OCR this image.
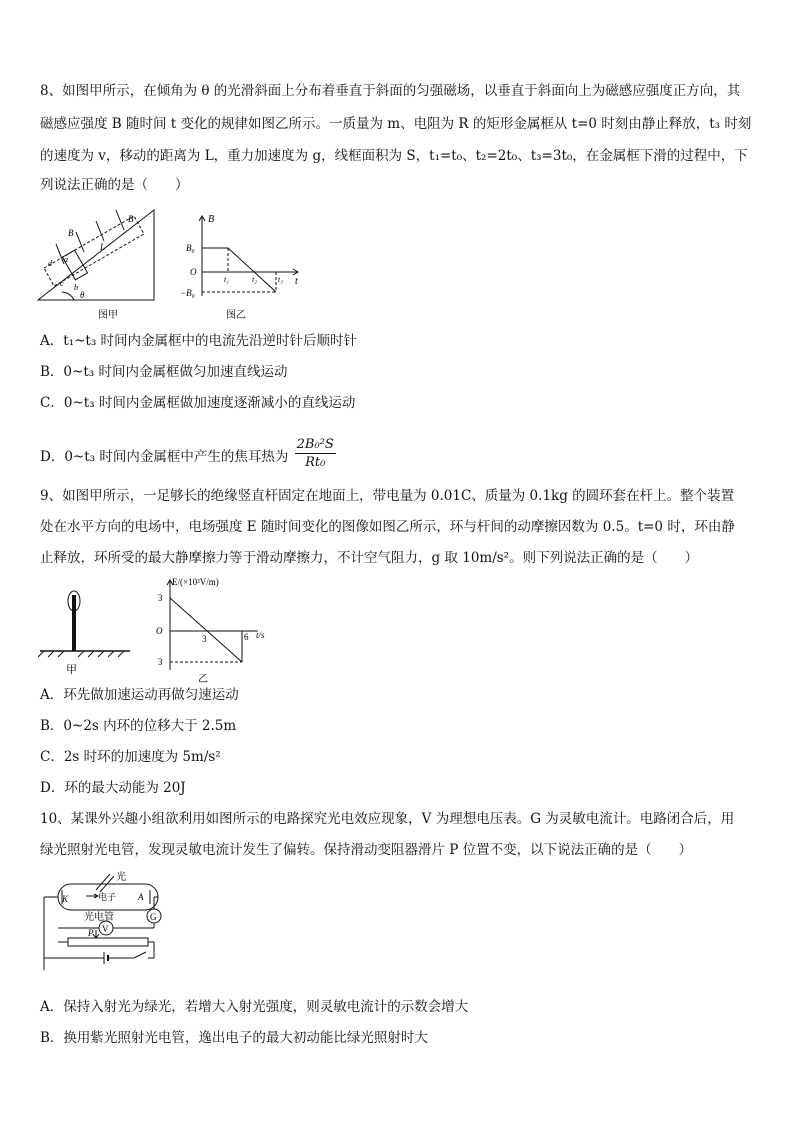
8、如图甲所示，在倾角为 θ 的光滑斜面上分布着垂直于斜面的匀强磁场，以垂直于斜面向上为磁感应强度正方向，其
磁感应强度 B 随时间 t 变化的规律如图乙所示。一质量为 m、电阻为 R 的矩形金属框从 t=0 时刻由静止释放，t₃ 时刻
的速度为 v，移动的距离为 L，重力加速度为 g，线框面积为 S，t₁=t₀、t₂=2t₀、t₃=3t₀，在金属框下滑的过程中，下
列说法正确的是（　　）
B
B
d a
L
c b
θ
图甲
B
B₀
O
t₁	t₂	t₃ t
−B₀
图乙
A．t₁~t₃ 时间内金属框中的电流先沿逆时针后顺时针
B．0~t₃ 时间内金属框做匀加速直线运动
C．0~t₃ 时间内金属框做加速度逐渐减小的直线运动
D．0~t₃ 时间内金属框中产生的焦耳热为 $\frac{\text{2B₀²S}}{\text{Rt₀}}$
9、如图甲所示，一足够长的绝缘竖直杆固定在地面上，带电量为 0.01C、质量为 0.1kg 的圆环套在杆上。整个装置
处在水平方向的电场中，电场强度 E 随时间变化的图像如图乙所示，环与杆间的动摩擦因数为 0.5。t=0 时，环由静
止释放，环所受的最大静摩擦力等于滑动摩擦力，不计空气阻力，g 取 10m/s²。则下列说法正确的是（　　）
甲
E/(×10²V/m)
3
O
3	6 t/s
3
乙
A．环先做加速运动再做匀速运动
B．0~2s 内环的位移大于 2.5m
C．2s 时环的加速度为 5m/s²
D．环的最大动能为 20J
10、某课外兴趣小组欲利用如图所示的电路探究光电效应现象，V 为理想电压表。G 为灵敏电流计。电路闭合后，用
绿光照射光电管，发现灵敏电流计发生了偏转。保持滑动变阻器滑片 P 位置不变，以下说法正确的是（　　）
光
K	电子 A
光电管	G
V
P
A．保持入射光为绿光，若增大入射光强度，则灵敏电流计的示数会增大
B．换用紫光照射光电管，逸出电子的最大初动能比绿光照射时大
